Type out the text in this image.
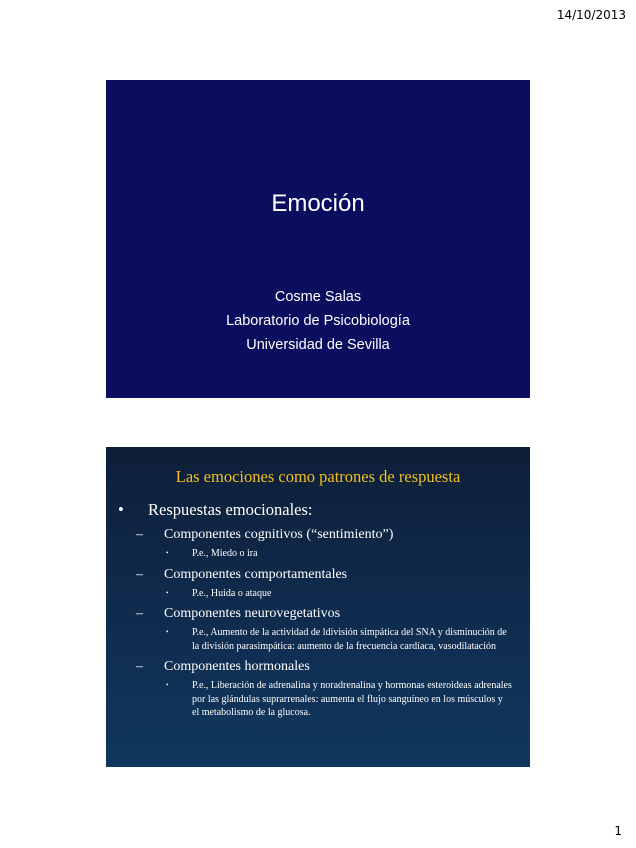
14/10/2013
Emoción
Cosme Salas
Laboratorio de Psicobiología
Universidad de Sevilla
Las emociones como patrones de respuesta
•	Respuestas emocionales:
–	Componentes cognitivos (“sentimiento”)
•	P.e., Miedo o ira
–	Componentes comportamentales
•	P.e., Huida o ataque
–	Componentes neurovegetativos
•	P.e., Aumento de la actividad de ldivisión simpática del SNA y disminución de la división parasimpática: aumento de la frecuencia cardíaca, vasodilatación
–	Componentes hormonales
•	P.e., Liberación de adrenalina y noradrenalina y hormonas esteroideas adrenales por las glándulas suprarrenales: aumenta el flujo sanguíneo en los músculos y el metabolismo de la glucosa.
1
